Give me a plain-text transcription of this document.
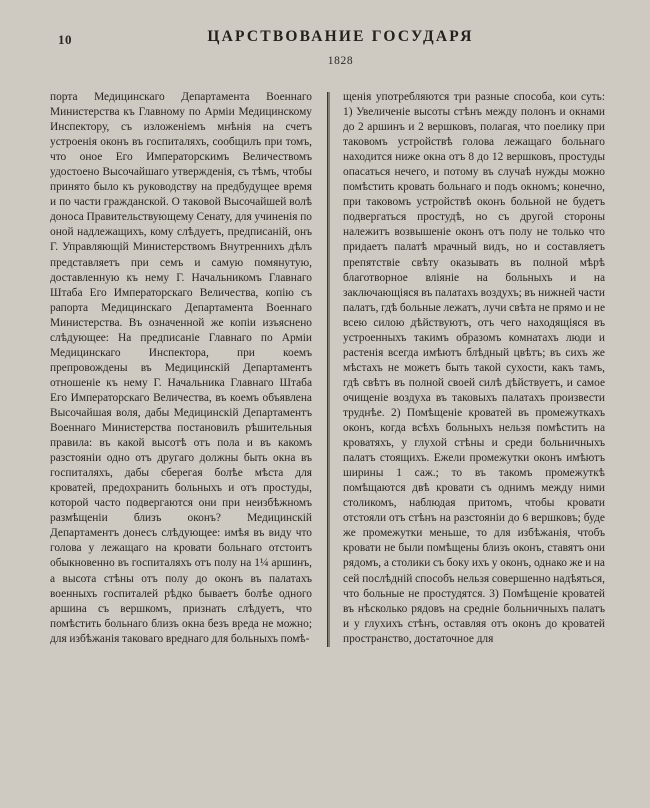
10	ЦАРСТВОВАНИЕ ГОСУДАРЯ
1828

порта Медицинскаго Департамента Военнаго Министерства къ Главному по Армiи Медицинскому Инспектору, съ изложенiемъ мнѣнiя на счетъ устроенiя оконъ въ госпиталяхъ, сообщилъ при томъ, что оное Его Императорскимъ Величествомъ удостоено Высочайшаго утвержденiя, съ тѣмъ, чтобы принято было къ руководству на предбудущее время и по части гражданской. О таковой Высочайшей волѣ доноса Правительствующему Сенату, для учиненiя по оной надлежащихъ, кому слѣдуетъ, предписанiй, онъ Г. Управляющiй Министерствомъ Внутреннихъ дѣлъ представляетъ при семъ и самую помянутую, доставленную къ нему Г. Начальникомъ Главнаго Штаба Его Императорскаго Величества, копiю съ рапорта Медицинскаго Департамента Военнаго Министерства. Въ означенной же копiи изъяснено слѣдующее: На предписанiе Главнаго по Армiи Медицинскаго Инспектора, при коемъ препровождены въ Медицинскiй Департаментъ отношенiе къ нему Г. Начальника Главнаго Штаба Его Императорскаго Величества, въ коемъ объявлена Высочайшая воля, дабы Медицинскiй Департаментъ Военнаго Министерства постановилъ рѣшительныя правила: въ какой высотѣ отъ пола и въ какомъ разстоянiи одно отъ другаго должны быть окна въ госпиталяхъ, дабы сберегая болѣе мѣста для кроватей, предохранить больныхъ и отъ простуды, которой часто подвергаются они при неизбѣжномъ размѣщенiи близъ оконъ? Медицинскiй Департаментъ донесъ слѣдующее: имѣя въ виду что голова у лежащаго на кровати больнаго отстоитъ обыкновенно въ госпиталяхъ отъ полу на 1¼ аршинъ, а высота стѣны отъ полу до оконъ въ палатахъ военныхъ госпиталей рѣдко бываетъ болѣе одного аршина съ вершкомъ, признать слѣдуетъ, что помѣстить больнаго близъ окна безъ вреда не можно; для избѣжанiя таковаго вреднаго для больныхъ помѣ-

щенiя употребляются три разные способа, кои суть: 1) Увеличенiе высоты стѣнъ между полонъ и окнами до 2 аршинъ и 2 вершковъ, полагая, что поелику при таковомъ устройствѣ голова лежащаго больнаго находится ниже окна отъ 8 до 12 вершковъ, простуды опасаться нечего, и потому въ случаѣ нужды можно помѣстить кровать больнаго и подъ окномъ; конечно, при таковомъ устройствѣ оконъ больной не будетъ подвергаться простудѣ, но съ другой стороны належитъ возвышенiе оконъ отъ полу не только что придаетъ палатѣ мрачный видъ, но и составляетъ препятствiе свѣту оказывать въ полной мѣрѣ благотворное влiянiе на больныхъ и на заключающiяся въ палатахъ воздухъ; въ нижней части палатъ, гдѣ больные лежатъ, лучи свѣта не прямо и не всею силою дѣйствуютъ, отъ чего находящiяся въ устроенныхъ такимъ образомъ комнатахъ люди и растенiя всегда имѣютъ блѣдный цвѣтъ; въ сихъ же мѣстахъ не можетъ быть такой сухости, какъ тамъ, гдѣ свѣтъ въ полной своей силѣ дѣйствуетъ, и самое очищенiе воздуха въ таковыхъ палатахъ произвести труднѣе. 2) Помѣщенiе кроватей въ промежуткахъ оконъ, когда всѣхъ больныхъ нельзя помѣстить на кроватяхъ, у глухой стѣны и среди больничныхъ палатъ стоящихъ. Ежели промежутки оконъ имѣютъ ширины 1 саж.; то въ такомъ промежуткѣ помѣщаются двѣ кровати съ однимъ между ними столикомъ, наблюдая притомъ, чтобы кровати отстояли отъ стѣнъ на разстоянiи до 6 вершковъ; буде же промежутки меньше, то для избѣжанiя, чтобъ кровати не были помѣщены близъ оконъ, ставятъ они рядомъ, а столики съ боку ихъ у оконъ, однако же и на сей послѣднiй способъ нельзя совершенно надѣяться, что больные не простудятся. 3) Помѣщенiе кроватей въ нѣсколько рядовъ на среднiе больничныхъ палатъ и у глухихъ стѣнъ, оставляя отъ оконъ до кроватей пространство, достаточное для
